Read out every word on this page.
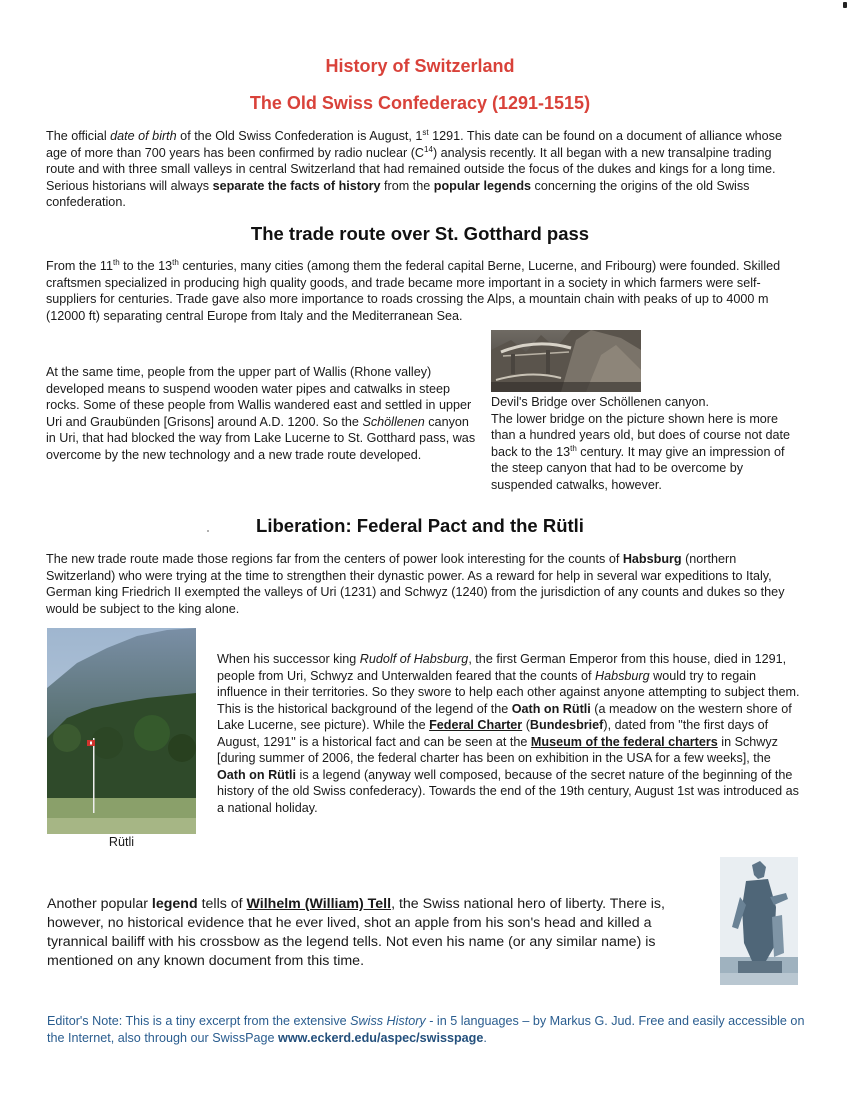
History of Switzerland
The Old Swiss Confederacy (1291-1515)
The official date of birth of the Old Swiss Confederation is August, 1st 1291. This date can be found on a document of alliance whose age of more than 700 years has been confirmed by radio nuclear $(C^{14})$ analysis recently. It all began with a new transalpine trading route and with three small valleys in central Switzerland that had remained outside the focus of the dukes and kings for a long time. Serious historians will always separate the facts of history from the popular legends concerning the origins of the old Swiss confederation.
The trade route over St. Gotthard pass
From the 11th to the 13th centuries, many cities (among them the federal capital Berne, Lucerne, and Fribourg) were founded. Skilled craftsmen specialized in producing high quality goods, and trade became more important in a society in which farmers were self-suppliers for centuries. Trade gave also more importance to roads crossing the Alps, a mountain chain with peaks of up to 4000 m (12000 ft) separating central Europe from Italy and the Mediterranean Sea.
At the same time, people from the upper part of Wallis (Rhone valley) developed means to suspend wooden water pipes and catwalks in steep rocks. Some of these people from Wallis wandered east and settled in upper Uri and Graubünden [Grisons] around A.D. 1200. So the Schöllenen canyon in Uri, that had blocked the way from Lake Lucerne to St. Gotthard pass, was overcome by the new technology and a new trade route developed.
Devil's Bridge over Schöllenen canyon.
The lower bridge on the picture shown here is more than a hundred years old, but does of course not date back to the 13th century. It may give an impression of the steep canyon that had to be overcome by suspended catwalks, however.
Liberation: Federal Pact and the Rütli
The new trade route made those regions far from the centers of power look interesting for the counts of Habsburg (northern Switzerland) who were trying at the time to strengthen their dynastic power. As a reward for help in several war expeditions to Italy, German king Friedrich II exempted the valleys of Uri (1231) and Schwyz (1240) from the jurisdiction of any counts and dukes so they would be subject to the king alone.
Rütli
When his successor king Rudolf of Habsburg, the first German Emperor from this house, died in 1291, people from Uri, Schwyz and Unterwalden feared that the counts of Habsburg would try to regain influence in their territories. So they swore to help each other against anyone attempting to subject them. This is the historical background of the legend of the Oath on Rütli (a meadow on the western shore of Lake Lucerne, see picture). While the Federal Charter (Bundesbrief), dated from "the first days of August, 1291" is a historical fact and can be seen at the Museum of the federal charters in Schwyz [during summer of 2006, the federal charter has been on exhibition in the USA for a few weeks], the Oath on Rütli is a legend (anyway well composed, because of the secret nature of the beginning of the history of the old Swiss confederacy). Towards the end of the 19th century, August 1st was introduced as a national holiday.
Another popular legend tells of Wilhelm (William) Tell, the Swiss national hero of liberty. There is, however, no historical evidence that he ever lived, shot an apple from his son's head and killed a tyrannical bailiff with his crossbow as the legend tells. Not even his name (or any similar name) is mentioned on any known document from this time.
Editor's Note: This is a tiny excerpt from the extensive Swiss History - in 5 languages – by Markus G. Jud. Free and easily accessible on the Internet, also through our SwissPage www.eckerd.edu/aspec/swisspage.
